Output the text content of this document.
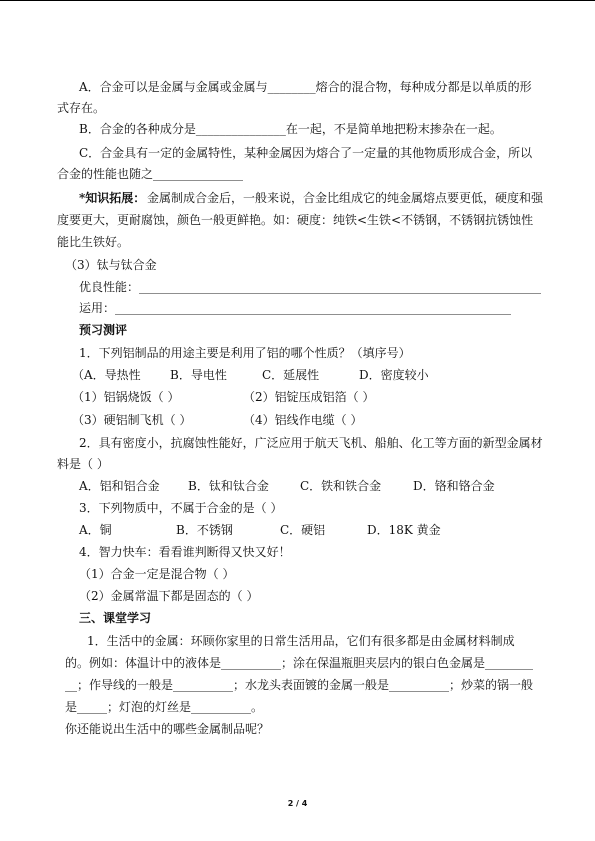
A．合金可以是金属与金属或金属与________熔合的混合物，每种成分都是以单质的形
式存在。
B．合金的各种成分是_______________在一起，不是简单地把粉末掺杂在一起。
C．合金具有一定的金属特性，某种金属因为熔合了一定量的其他物质形成合金，所以
合金的性能也随之_______________
*知识拓展： 金属制成合金后，一般来说，合金比组成它的纯金属熔点要更低，硬度和强
度要更大，更耐腐蚀，颜色一般更鲜艳。如：硬度：纯铁<生铁<不锈钢，不锈钢抗锈蚀性
能比生铁好。
（3）钛与钛合金
优良性能：___________________________________________________________________
运用：__________________________________________________________________
预习测评
1．下列铝制品的用途主要是利用了铝的哪个性质？（填序号）
（A．导热性 B．导电性	C．延展性	D．密度较小
（1）铝锅烧饭（ ）	（2）铝锭压成铝箔（ ）
（3）硬铝制飞机（ ）	（4）铝线作电缆（ ）
2．具有密度小，抗腐蚀性能好，广泛应用于航天飞机、船舶、化工等方面的新型金属材
料是（ ）
A．铝和铝合金 B．钛和钛合金	C．铁和铁合金	D．铬和铬合金
3．下列物质中，不属于合金的是（ ）
A．铜	B．不锈钢	C．硬铝	D．18K 黄金
4．智力快车：看看谁判断得又快又好！
（1）合金一定是混合物（ ）
（2）金属常温下都是固态的（ ）
三、课堂学习
1．生活中的金属：环顾你家里的日常生活用品，它们有很多都是由金属材料制成
的。例如：体温计中的液体是__________；涂在保温瓶胆夹层内的银白色金属是________
__；作导线的一般是__________；水龙头表面镀的金属一般是__________；炒菜的锅一般
是_____；灯泡的灯丝是__________。
你还能说出生活中的哪些金属制品呢？
2 / 4
